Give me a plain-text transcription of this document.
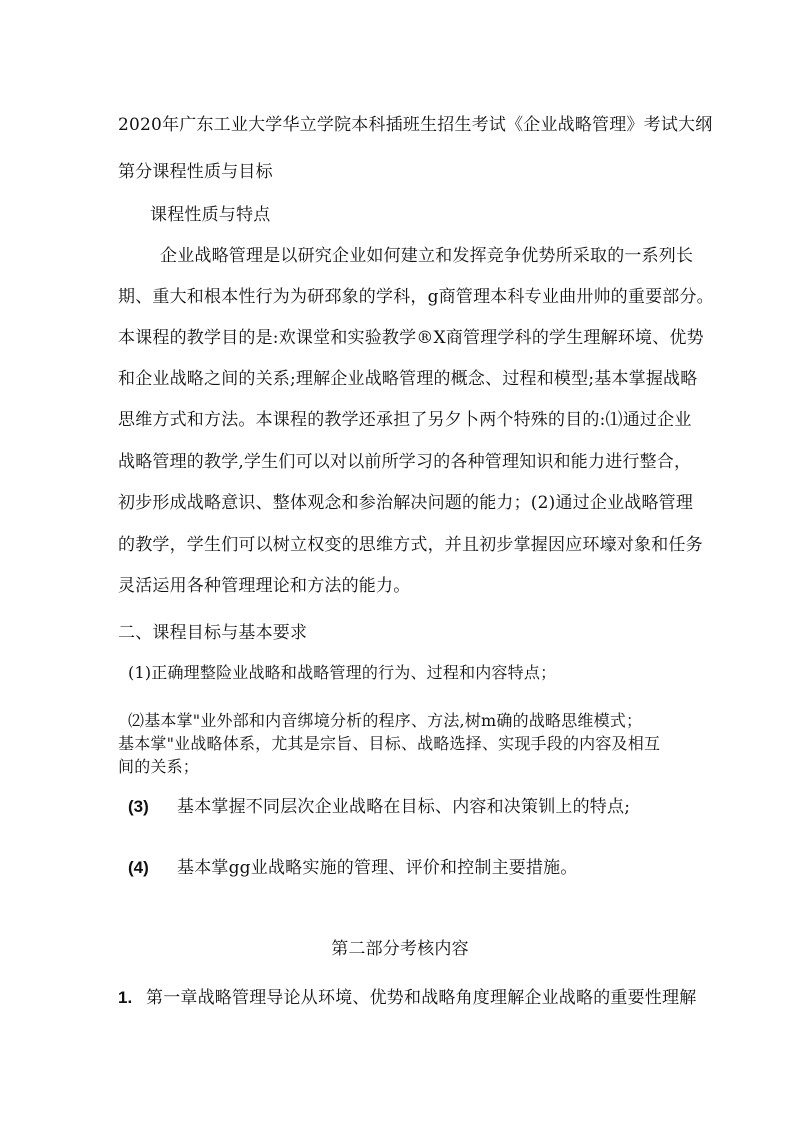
2020年广东工业大学华立学院本科插班生招生考试《企业战略管理》考试大纲
第分课程性质与目标
课程性质与特点
企业战略管理是以研究企业如何建立和发挥竞争优势所采取的一系列长
期、重大和根本性行为为研邳象的学科，g商管理本科专业曲卅帅的重要部分。
本课程的教学目的是:欢课堂和实验教学®X商管理学科的学生理解环境、优势
和企业战略之间的关系;理解企业战略管理的概念、过程和模型;基本掌握战略
思维方式和方法。本课程的教学还承担了另夕卜两个特殊的目的:⑴通过企业
战略管理的教学,学生们可以对以前所学习的各种管理知识和能力进行整合，
初步形成战略意识、整体观念和参治解决问题的能力；(2)通过企业战略管理
的教学，学生们可以树立权变的思维方式，并且初步掌握因应环壕对象和任务
灵活运用各种管理理论和方法的能力。
二、课程目标与基本要求
(1)正确理整险业战略和战略管理的行为、过程和内容特点；
⑵基本掌"业外部和内音绑境分析的程序、方法,树m确的战略思维模式；
基本掌"业战略体系，尤其是宗旨、目标、战略选择、实现手段的内容及相互
间的关系；
(3) 基本掌握不同层次企业战略在目标、内容和决策钏上的特点;
(4) 基本掌gg业战略实施的管理、评价和控制主要措施。
第二部分考核内容
1. 第一章战略管理导论从环境、优势和战略角度理解企业战略的重要性理解
